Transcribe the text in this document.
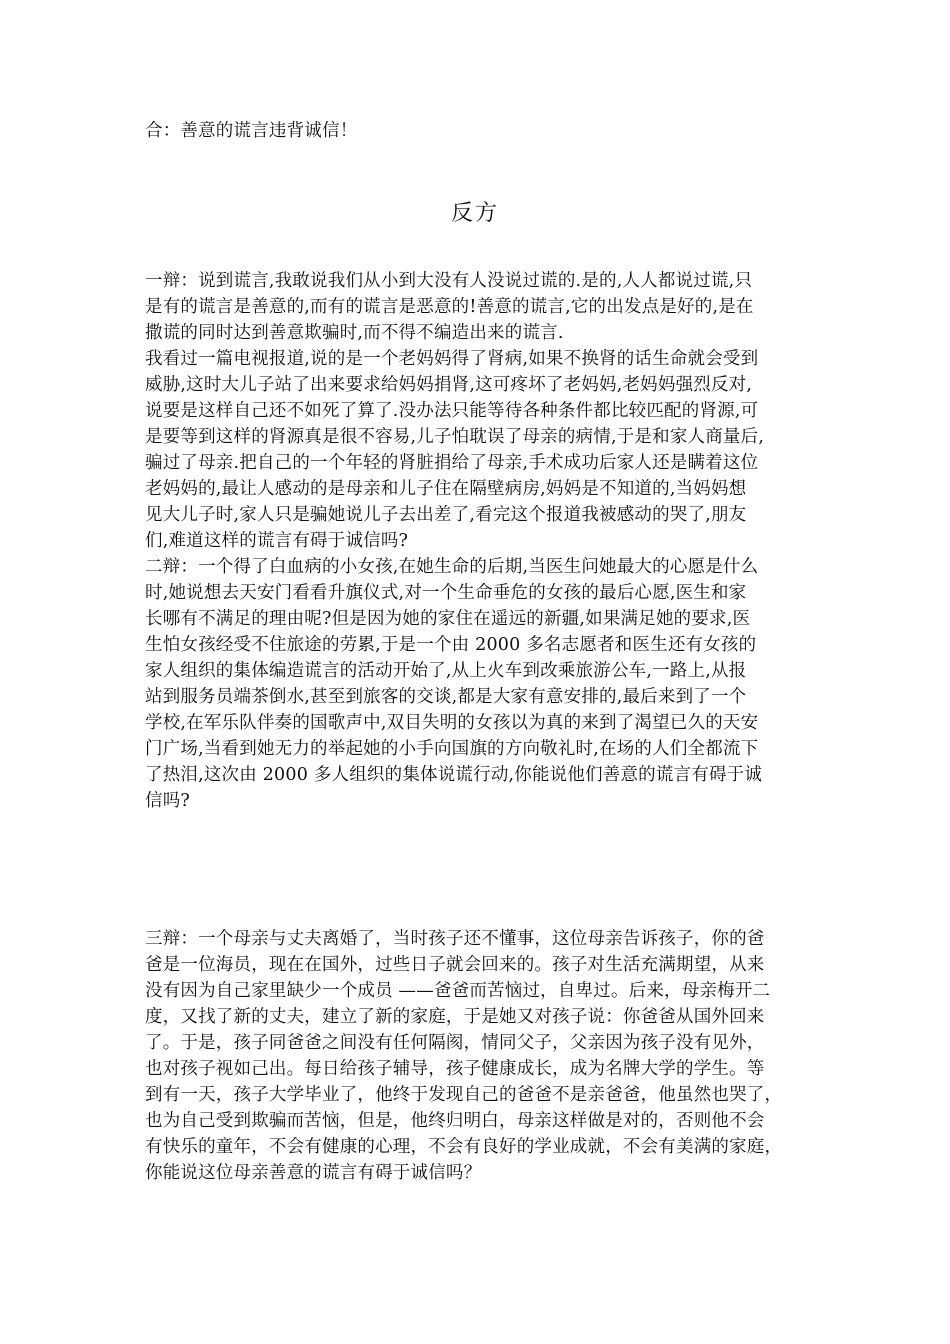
合：善意的谎言违背诚信！
反方
一辩：说到谎言,我敢说我们从小到大没有人没说过谎的.是的,人人都说过谎,只
是有的谎言是善意的,而有的谎言是恶意的!善意的谎言,它的出发点是好的,是在
撒谎的同时达到善意欺骗时,而不得不编造出来的谎言.
我看过一篇电视报道,说的是一个老妈妈得了肾病,如果不换肾的话生命就会受到
威胁,这时大儿子站了出来要求给妈妈捐肾,这可疼坏了老妈妈,老妈妈强烈反对,
说要是这样自己还不如死了算了.没办法只能等待各种条件都比较匹配的肾源,可
是要等到这样的肾源真是很不容易,儿子怕耽误了母亲的病情,于是和家人商量后,
骗过了母亲.把自己的一个年轻的肾脏捐给了母亲,手术成功后家人还是瞒着这位
老妈妈的,最让人感动的是母亲和儿子住在隔壁病房,妈妈是不知道的,当妈妈想
见大儿子时,家人只是骗她说儿子去出差了,看完这个报道我被感动的哭了,朋友
们,难道这样的谎言有碍于诚信吗?
二辩：一个得了白血病的小女孩,在她生命的后期,当医生问她最大的心愿是什么
时,她说想去天安门看看升旗仪式,对一个生命垂危的女孩的最后心愿,医生和家
长哪有不满足的理由呢?但是因为她的家住在遥远的新疆,如果满足她的要求,医
生怕女孩经受不住旅途的劳累,于是一个由 2000 多名志愿者和医生还有女孩的
家人组织的集体编造谎言的活动开始了,从上火车到改乘旅游公车,一路上,从报
站到服务员端茶倒水,甚至到旅客的交谈,都是大家有意安排的,最后来到了一个
学校,在军乐队伴奏的国歌声中,双目失明的女孩以为真的来到了渴望已久的天安
门广场,当看到她无力的举起她的小手向国旗的方向敬礼时,在场的人们全都流下
了热泪,这次由 2000 多人组织的集体说谎行动,你能说他们善意的谎言有碍于诚
信吗?
三辩：一个母亲与丈夫离婚了，当时孩子还不懂事，这位母亲告诉孩子，你的爸
爸是一位海员，现在在国外，过些日子就会回来的。孩子对生活充满期望，从来
没有因为自己家里缺少一个成员 ——爸爸而苦恼过，自卑过。后来，母亲梅开二
度，又找了新的丈夫，建立了新的家庭，于是她又对孩子说：你爸爸从国外回来
了。于是，孩子同爸爸之间没有任何隔阂，情同父子，父亲因为孩子没有见外，
也对孩子视如己出。每日给孩子辅导，孩子健康成长，成为名牌大学的学生。等
到有一天，孩子大学毕业了，他终于发现自己的爸爸不是亲爸爸，他虽然也哭了，
也为自己受到欺骗而苦恼，但是，他终归明白，母亲这样做是对的，否则他不会
有快乐的童年，不会有健康的心理，不会有良好的学业成就，不会有美满的家庭，
你能说这位母亲善意的谎言有碍于诚信吗？
